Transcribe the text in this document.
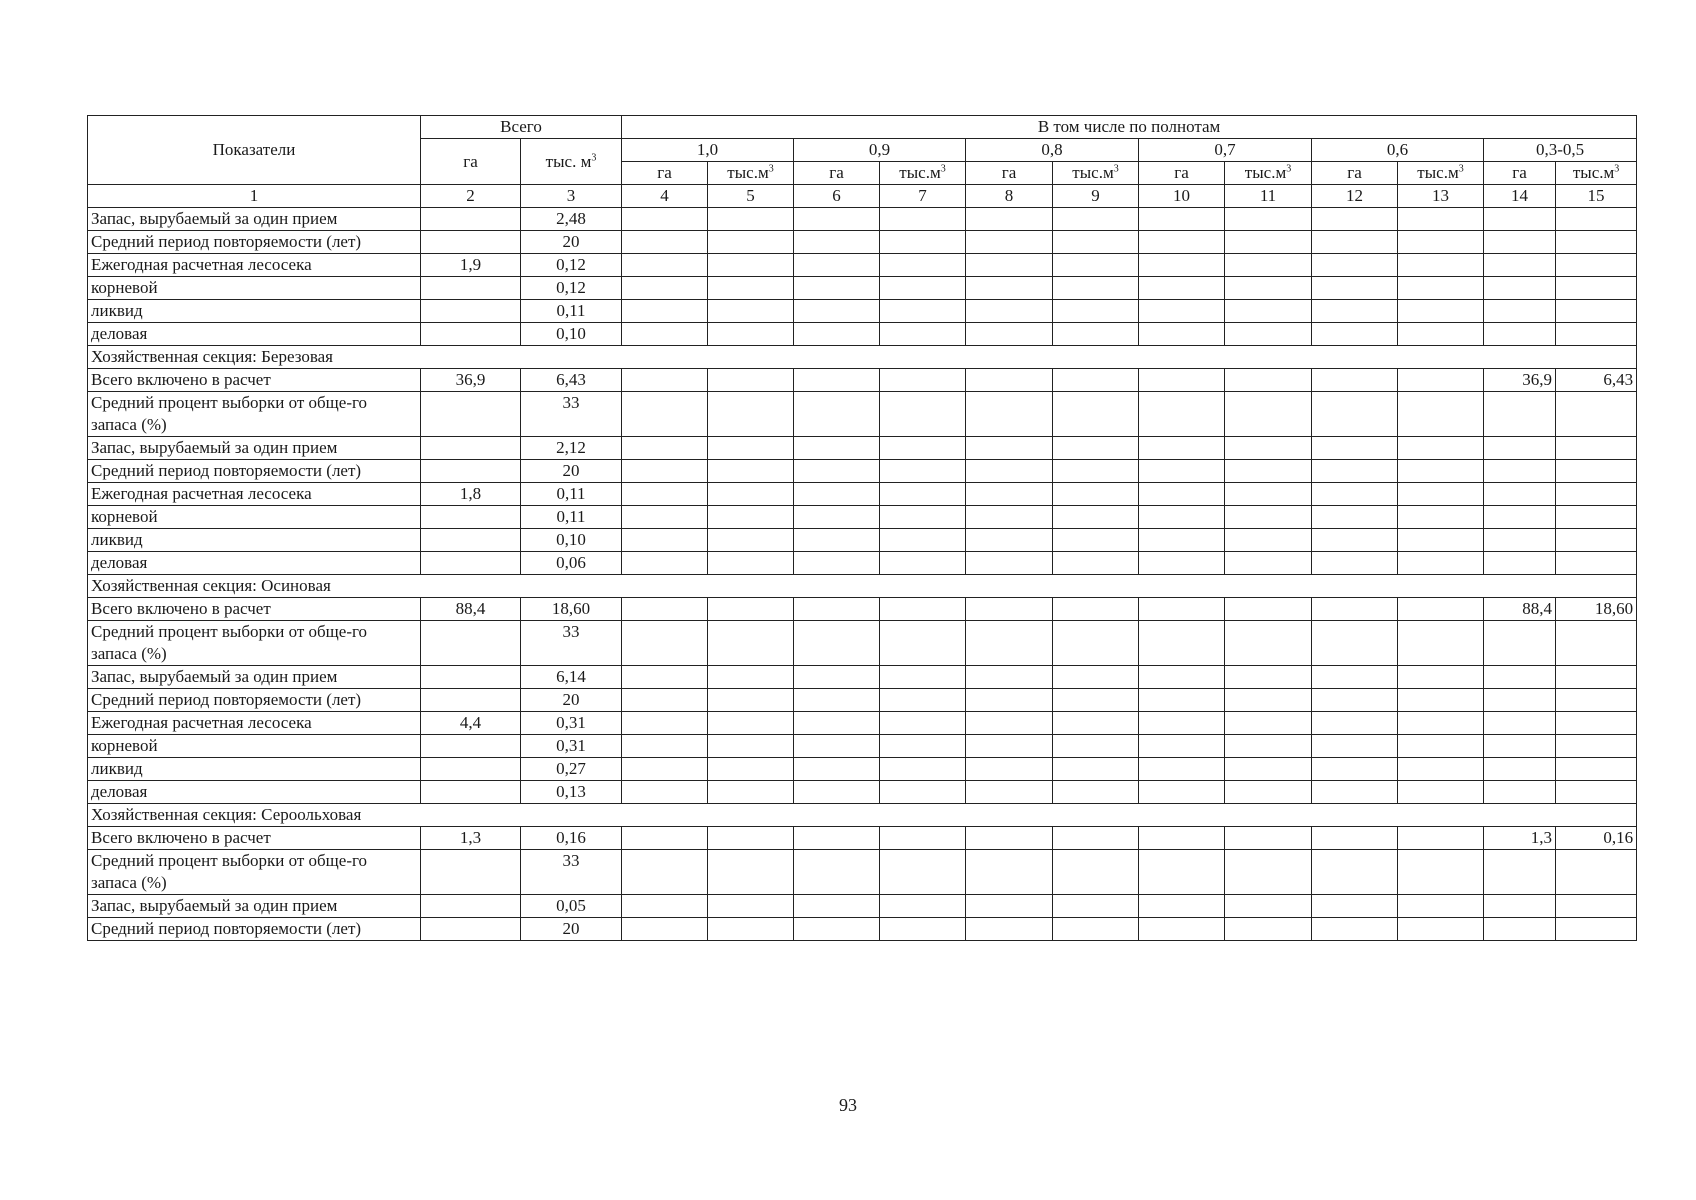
Показатели	Всего		В том числе по полнотам											
	га	тыс. $м^3$	1,0		0,9		0,8		0,7		0,6		0,3-0,5	
			га	$тыс.м^3$	га	$тыс.м^3$	га	$тыс.м^3$	га	$тыс.м^3$	га	$тыс.м^3$	га	$тыс.м^3$
1	2	3	4	5	6	7	8	9	10	11	12	13	14	15
Запас, вырубаемый за один прием		2,48												
Средний период повторяемости (лет)		20												
Ежегодная расчетная лесосека	1,9	0,12												
корневой		0,12												
ликвид		0,11												
деловая		0,10												
Хозяйственная секция: Березовая														
Всего включено в расчет	36,9	6,43											36,9	6,43
Средний процент выборки от обще-го запаса (%)		33												
Запас, вырубаемый за один прием		2,12												
Средний период повторяемости (лет)		20												
Ежегодная расчетная лесосека	1,8	0,11												
корневой		0,11												
ликвид		0,10												
деловая		0,06												
Хозяйственная секция: Осиновая														
Всего включено в расчет	88,4	18,60											88,4	18,60
Средний процент выборки от обще-го запаса (%)		33												
Запас, вырубаемый за один прием		6,14												
Средний период повторяемости (лет)		20												
Ежегодная расчетная лесосека	4,4	0,31												
корневой		0,31												
ликвид		0,27												
деловая		0,13												
Хозяйственная секция: Сероольховая														
Всего включено в расчет	1,3	0,16											1,3	0,16
Средний процент выборки от обще-го запаса (%)		33												
Запас, вырубаемый за один прием		0,05												
Средний период повторяемости (лет)		20												
93
